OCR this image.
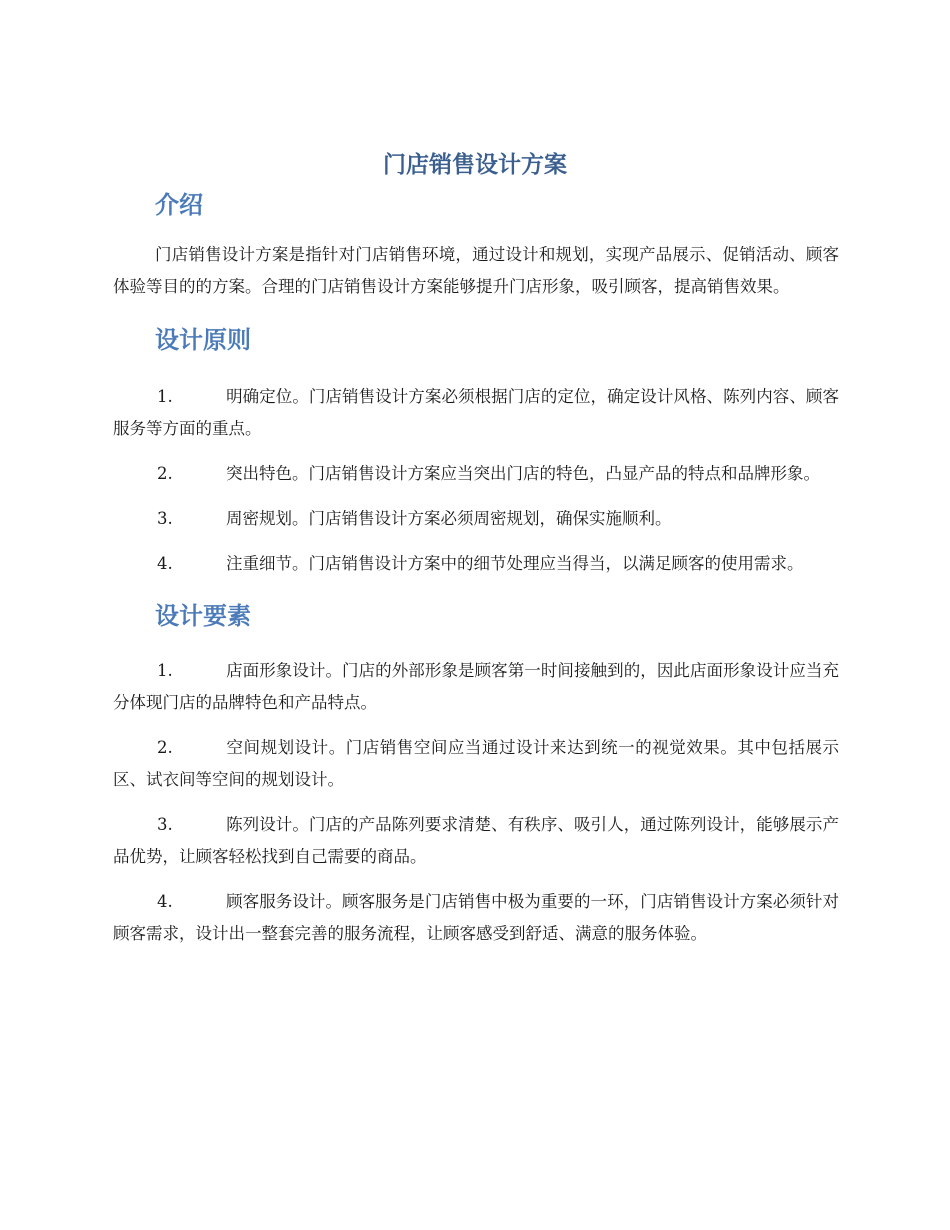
门店销售设计方案
介绍

门店销售设计方案是指针对门店销售环境，通过设计和规划，实现产品展示、促销活动、顾客体验等目的的方案。合理的门店销售设计方案能够提升门店形象，吸引顾客，提高销售效果。

设计原则
1.	明确定位。门店销售设计方案必须根据门店的定位，确定设计风格、陈列内容、顾客服务等方面的重点。
2.	突出特色。门店销售设计方案应当突出门店的特色，凸显产品的特点和品牌形象。
3.	周密规划。门店销售设计方案必须周密规划，确保实施顺利。
4.	注重细节。门店销售设计方案中的细节处理应当得当，以满足顾客的使用需求。
设计要素
1.	店面形象设计。门店的外部形象是顾客第一时间接触到的，因此店面形象设计应当充分体现门店的品牌特色和产品特点。
2.	空间规划设计。门店销售空间应当通过设计来达到统一的视觉效果。其中包括展示区、试衣间等空间的规划设计。
3.	陈列设计。门店的产品陈列要求清楚、有秩序、吸引人，通过陈列设计，能够展示产品优势，让顾客轻松找到自己需要的商品。
4.	顾客服务设计。顾客服务是门店销售中极为重要的一环，门店销售设计方案必须针对顾客需求，设计出一整套完善的服务流程，让顾客感受到舒适、满意的服务体验。
